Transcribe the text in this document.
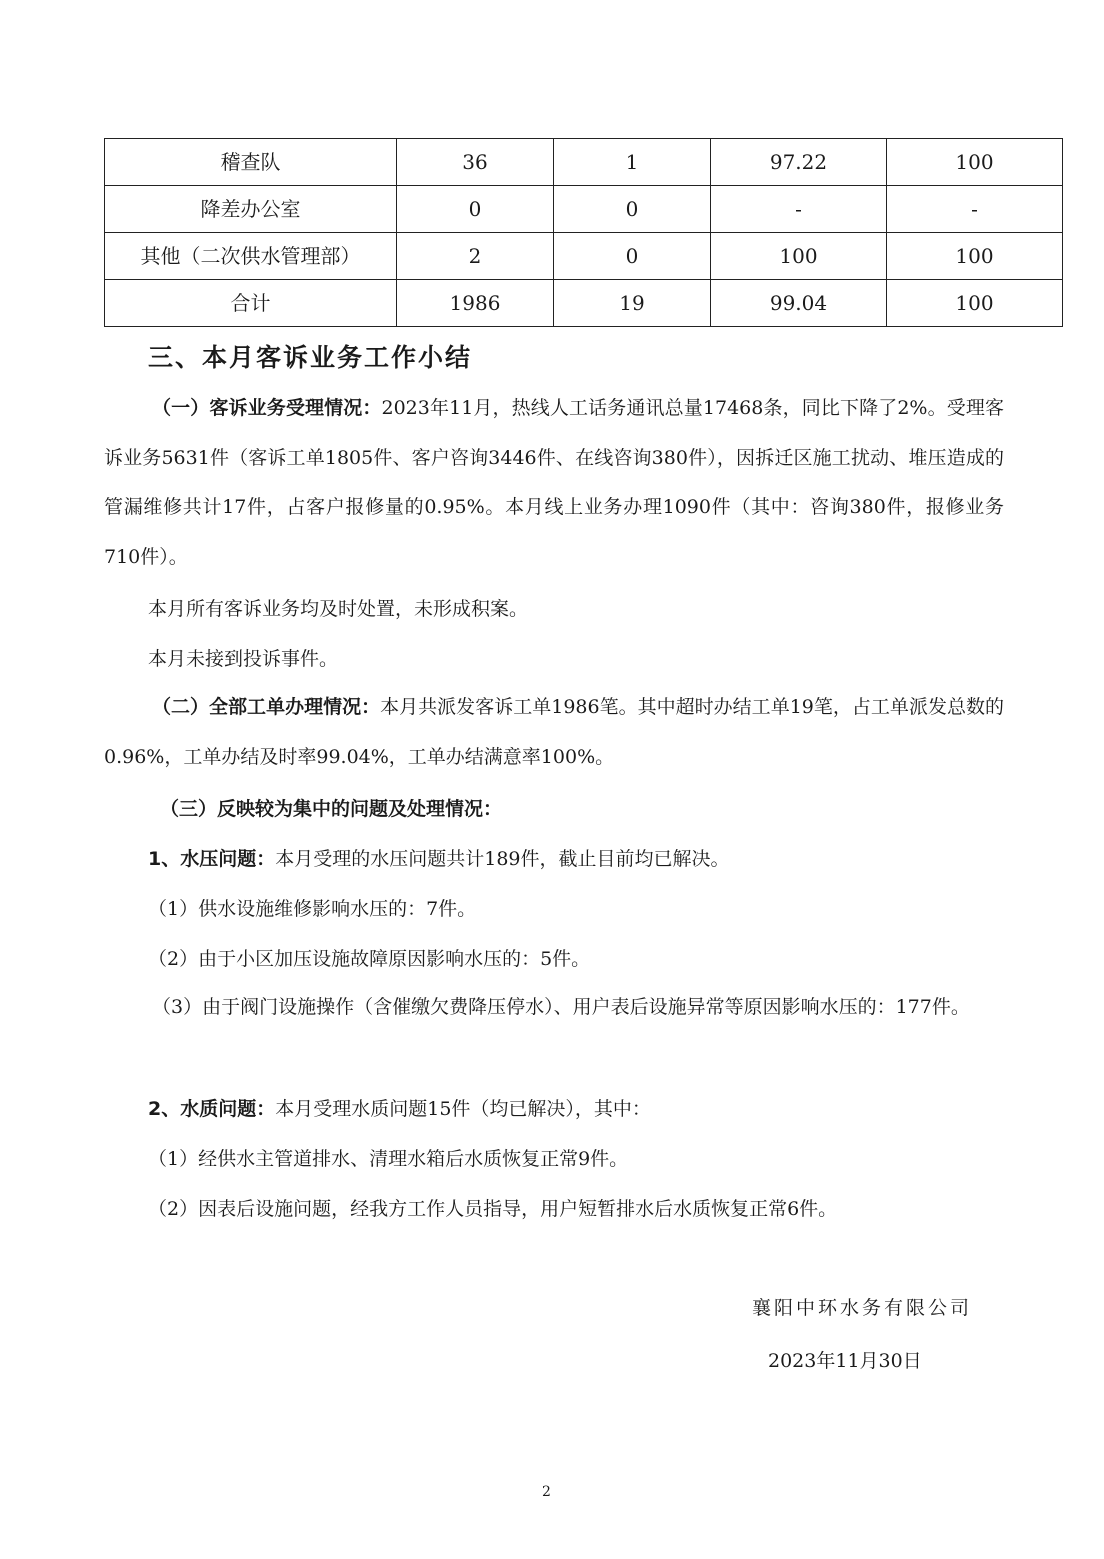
稽查队	36	1	97.22	100
降差办公室	0	0	-	-
其他（二次供水管理部）	2	0	100	100
合计	1986	19	99.04	100
三、本月客诉业务工作小结
（一）客诉业务受理情况：2023年11月，热线人工话务通讯总量17468条，同比下降了2%。受理客诉业务5631件（客诉工单1805件、客户咨询3446件、在线咨询380件），因拆迁区施工扰动、堆压造成的管漏维修共计17件，占客户报修量的0.95%。本月线上业务办理1090件（其中：咨询380件，报修业务710件）。
本月所有客诉业务均及时处置，未形成积案。
本月未接到投诉事件。
（二）全部工单办理情况：本月共派发客诉工单1986笔。其中超时办结工单19笔，占工单派发总数的0.96%，工单办结及时率99.04%，工单办结满意率100%。
（三）反映较为集中的问题及处理情况：
1、水压问题：本月受理的水压问题共计189件，截止目前均已解决。
（1）供水设施维修影响水压的：7件。
（2）由于小区加压设施故障原因影响水压的：5件。
（3）由于阀门设施操作（含催缴欠费降压停水）、用户表后设施异常等原因影响水压的：177件。
2、水质问题：本月受理水质问题15件（均已解决），其中：
（1）经供水主管道排水、清理水箱后水质恢复正常9件。
（2）因表后设施问题，经我方工作人员指导，用户短暂排水后水质恢复正常6件。
襄阳中环水务有限公司
2023年11月30日
2
